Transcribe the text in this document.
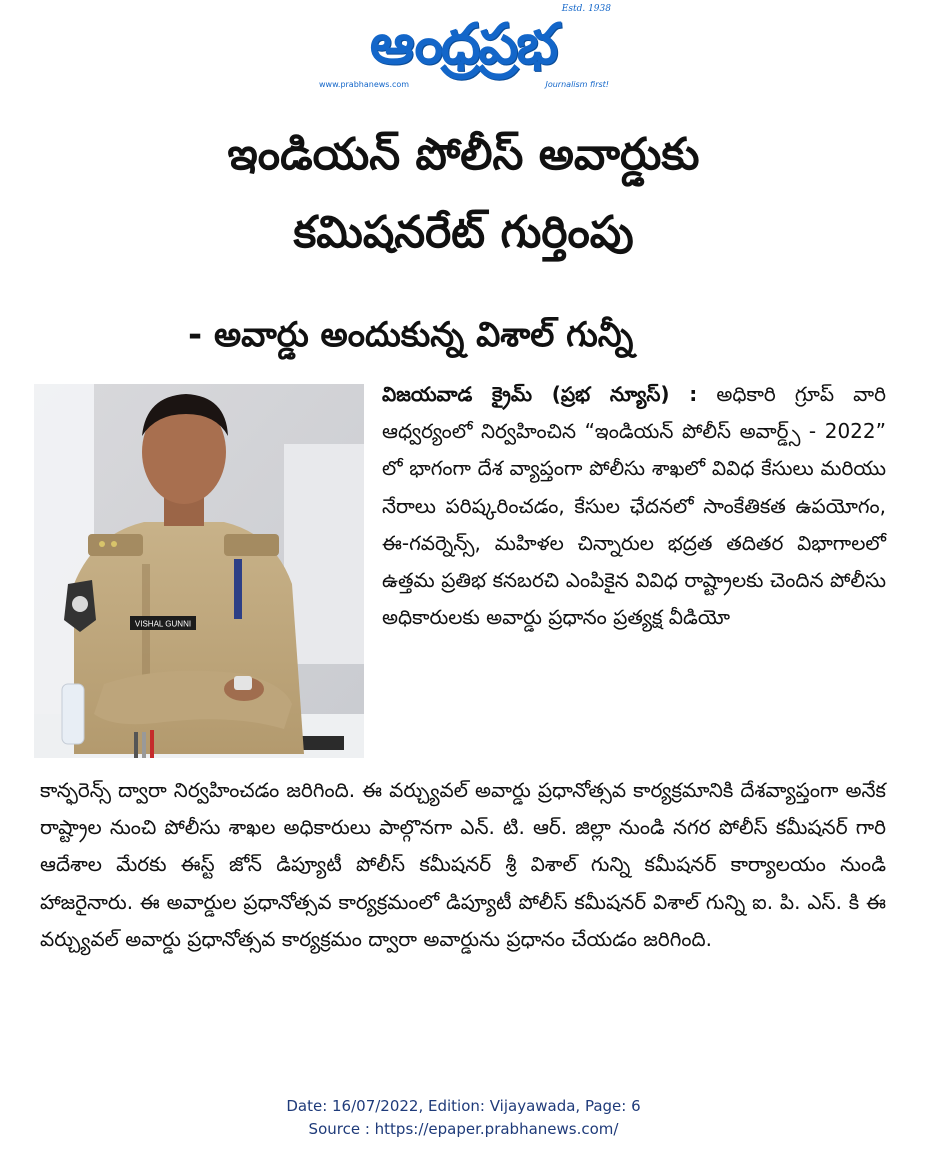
ఆంధ్రప్రభ
Estd. 1938
www.prabhanews.com	Journalism first!
ఇండియన్ పోలీస్ అవార్డుకు
కమిషనరేట్ గుర్తింపు
- అవార్డు అందుకున్న విశాల్ గున్నీ
VISHAL GUNNI
విజయవాడ క్రైమ్ (ప్రభ న్యూస్) : అధికారి గ్రూప్ వారి ఆధ్వర్యంలో నిర్వహించిన “ఇండియన్ పోలీస్ అవార్డ్స్ - 2022” లో భాగంగా దేశ వ్యాప్తంగా పోలీసు శాఖలో వివిధ కేసులు మరియు నేరాలు పరిష్కరించడం, కేసుల ఛేదనలో సాంకేతికత ఉపయోగం, ఈ-గవర్నెన్స్, మహిళల చిన్నారుల భద్రత తదితర విభాగాలలో ఉత్తమ ప్రతిభ కనబరచి ఎంపికైన వివిధ రాష్ట్రాలకు చెందిన పోలీసు అధికారులకు అవార్డు ప్రధానం ప్రత్యక్ష వీడియో
కాన్ఫరెన్స్ ద్వారా నిర్వహించడం జరిగింది. ఈ వర్చ్యువల్ అవార్డు ప్రధానోత్సవ కార్యక్రమానికి దేశవ్యాప్తంగా అనేక రాష్ట్రాల నుంచి పోలీసు శాఖల అధికారులు పాల్గొనగా ఎన్. టి. ఆర్. జిల్లా నుండి నగర పోలీస్ కమీషనర్ గారి ఆదేశాల మేరకు ఈస్ట్ జోన్ డిప్యూటీ పోలీస్ కమీషనర్ శ్రీ విశాల్ గున్ని కమీషనర్ కార్యాలయం నుండి హాజరైనారు. ఈ అవార్డుల ప్రధానోత్సవ కార్యక్రమంలో డిప్యూటీ పోలీస్ కమీషనర్ విశాల్ గున్ని ఐ. పి. ఎస్. కి ఈ వర్చ్యువల్ అవార్డు ప్రధానోత్సవ కార్యక్రమం ద్వారా అవార్డును ప్రధానం చేయడం జరిగింది.
Date: 16/07/2022, Edition: Vijayawada, Page: 6
Source : https://epaper.prabhanews.com/
